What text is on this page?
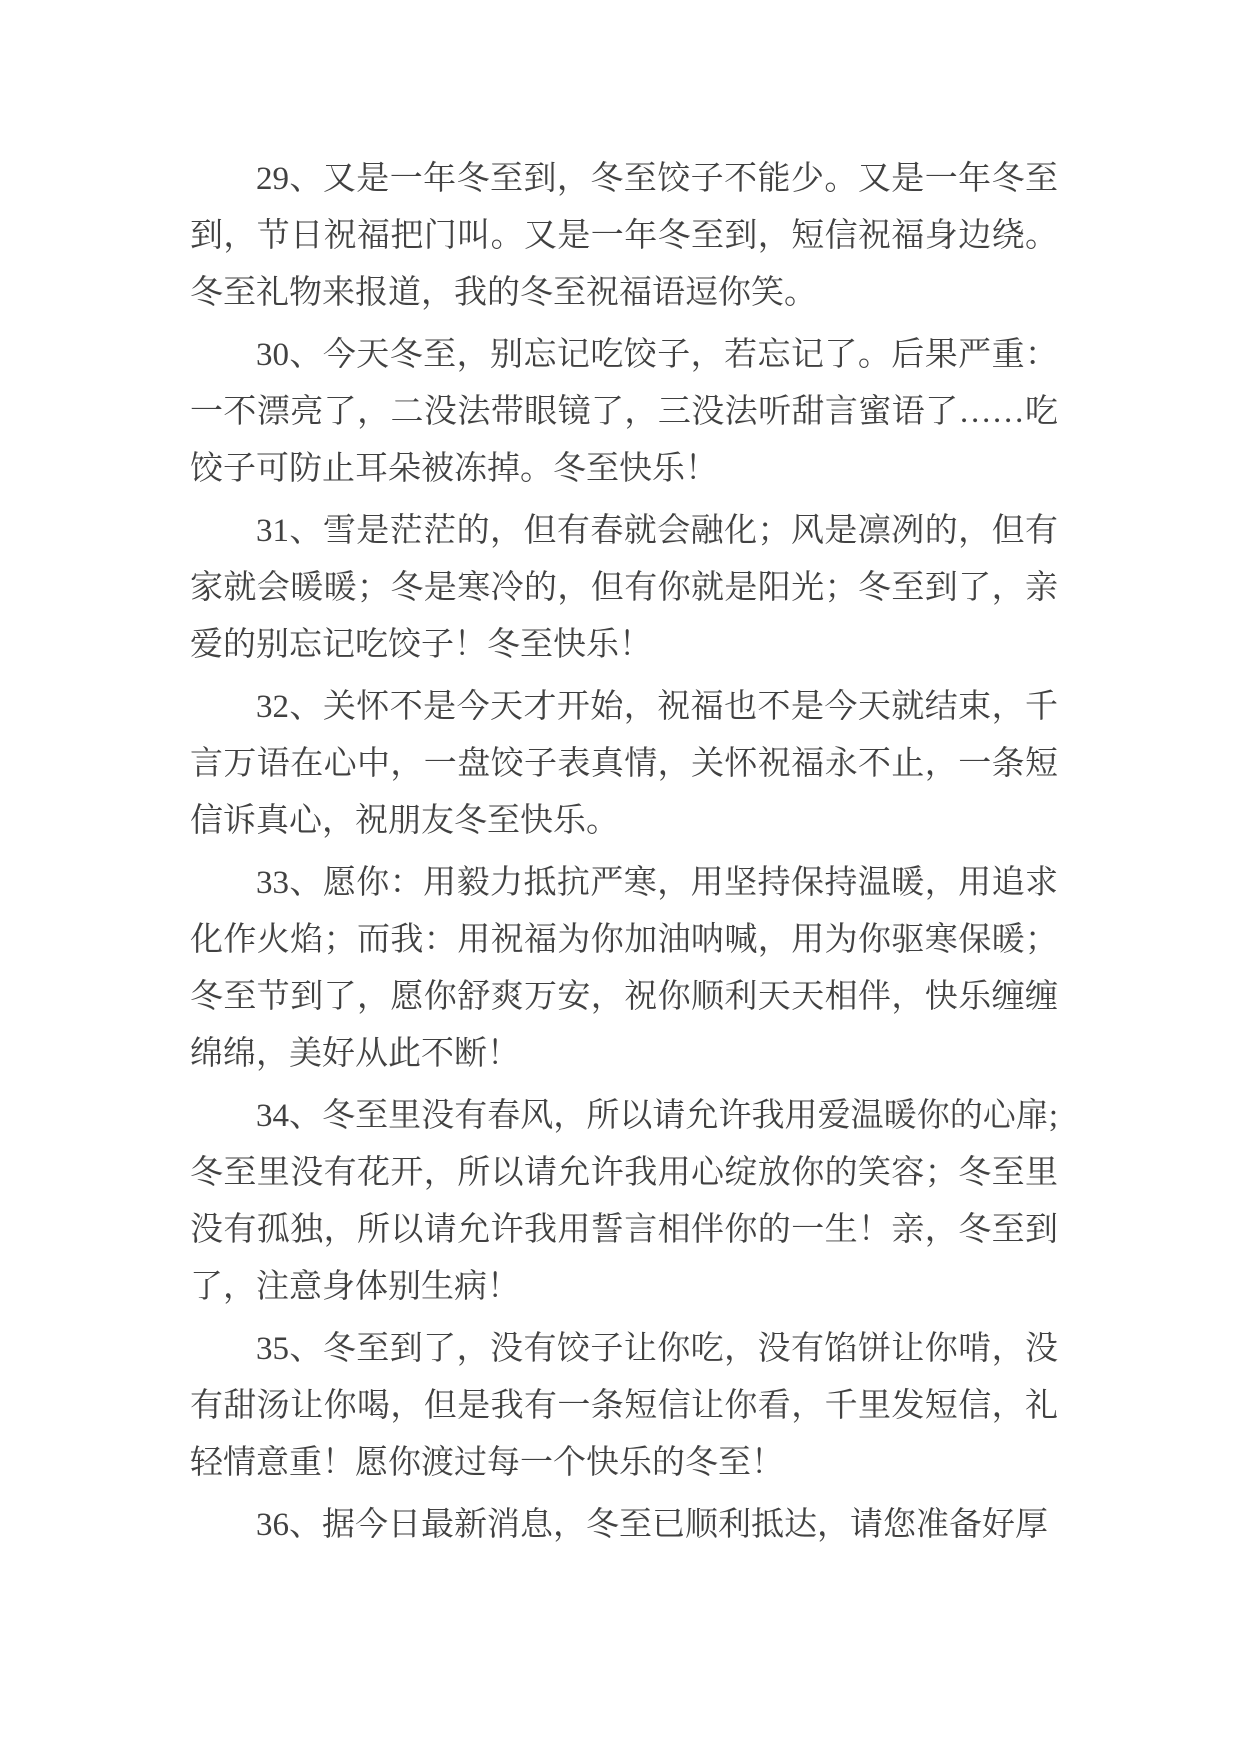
29、又是一年冬至到，冬至饺子不能少。又是一年冬至到，节日祝福把门叫。又是一年冬至到，短信祝福身边绕。冬至礼物来报道，我的冬至祝福语逗你笑。

30、今天冬至，别忘记吃饺子，若忘记了。后果严重：一不漂亮了，二没法带眼镜了，三没法听甜言蜜语了……吃饺子可防止耳朵被冻掉。冬至快乐！

31、雪是茫茫的，但有春就会融化；风是凛冽的，但有家就会暖暖；冬是寒冷的，但有你就是阳光；冬至到了，亲爱的别忘记吃饺子！冬至快乐！

32、关怀不是今天才开始，祝福也不是今天就结束，千言万语在心中，一盘饺子表真情，关怀祝福永不止，一条短信诉真心，祝朋友冬至快乐。

33、愿你：用毅力抵抗严寒，用坚持保持温暖，用追求化作火焰；而我：用祝福为你加油呐喊，用为你驱寒保暖；冬至节到了，愿你舒爽万安，祝你顺利天天相伴，快乐缠缠绵绵，美好从此不断！

34、冬至里没有春风，所以请允许我用爱温暖你的心扉;冬至里没有花开，所以请允许我用心绽放你的笑容；冬至里没有孤独，所以请允许我用誓言相伴你的一生！亲，冬至到了，注意身体别生病！

35、冬至到了，没有饺子让你吃，没有馅饼让你啃，没有甜汤让你喝，但是我有一条短信让你看，千里发短信，礼轻情意重！愿你渡过每一个快乐的冬至！

36、据今日最新消息，冬至已顺利抵达，请您准备好厚
